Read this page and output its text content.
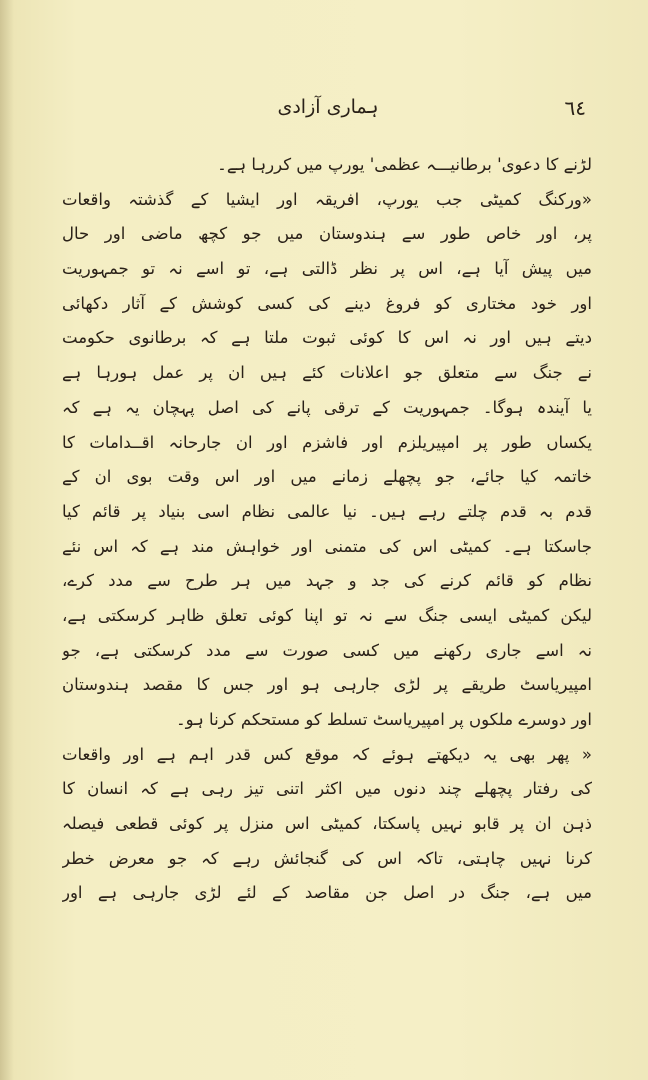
ہماری آزادی	٦٤
لڑنے کا دعوی' برطانیـــہ عظمی' یورپ میں کررہا ہے۔
«ورکنگ کمیٹی جب یورپ، افریقہ اور ایشیا کے گذشتہ واقعات
پر، اور خاص طور سے ہندوستان میں جو کچھ ماضی اور حال
میں پیش آیا ہے، اس پر نظر ڈالتی ہے، تو اسے نہ تو جمہوریت
اور خود مختاری کو فروغ دینے کی کسی کوشش کے آثار دکھائی
دیتے ہیں اور نہ اس کا کوئی ثبوت ملتا ہے کہ برطانوی حکومت
نے جنگ سے متعلق جو اعلانات کئے ہیں ان پر عمل ہورہا ہے
یا آیندہ ہوگا۔ جمہوریت کے ترقی پانے کی اصل پہچان یہ ہے کہ
یکساں طور پر امپیریلزم اور فاشزم اور ان جارحانہ اقــدامات کا
خاتمہ کیا جائے، جو پچھلے زمانے میں اور اس وقت بوی ان کے
قدم بہ قدم چلتے رہے ہیں۔ نیا عالمی نظام اسی بنیاد پر قائم کیا
جاسکتا ہے۔ کمیٹی اس کی متمنی اور خواہش مند ہے کہ اس نئے
نظام کو قائم کرنے کی جد و جہد میں ہر طرح سے مدد کرے،
لیکن کمیٹی ایسی جنگ سے نہ تو اپنا کوئی تعلق ظاہر کرسکتی ہے،
نہ اسے جاری رکھنے میں کسی صورت سے مدد کرسکتی ہے، جو
امپیریاسٹ طریقے پر لڑی جارہی ہو اور جس کا مقصد ہندوستان
اور دوسرے ملکوں پر امپیریاسٹ تسلط کو مستحکم کرنا ہو۔
« پھر بھی یہ دیکھتے ہوئے کہ موقع کس قدر اہم ہے اور واقعات
کی رفتار پچھلے چند دنوں میں اکثر اتنی تیز رہی ہے کہ انسان کا
ذہن ان پر قابو نہیں پاسکتا، کمیٹی اس منزل پر کوئی قطعی فیصلہ
کرنا نہیں چاہتی، تاکہ اس کی گنجائش رہے کہ جو معرض خطر
میں ہے، جنگ در اصل جن مقاصد کے لئے لڑی جارہی ہے اور
